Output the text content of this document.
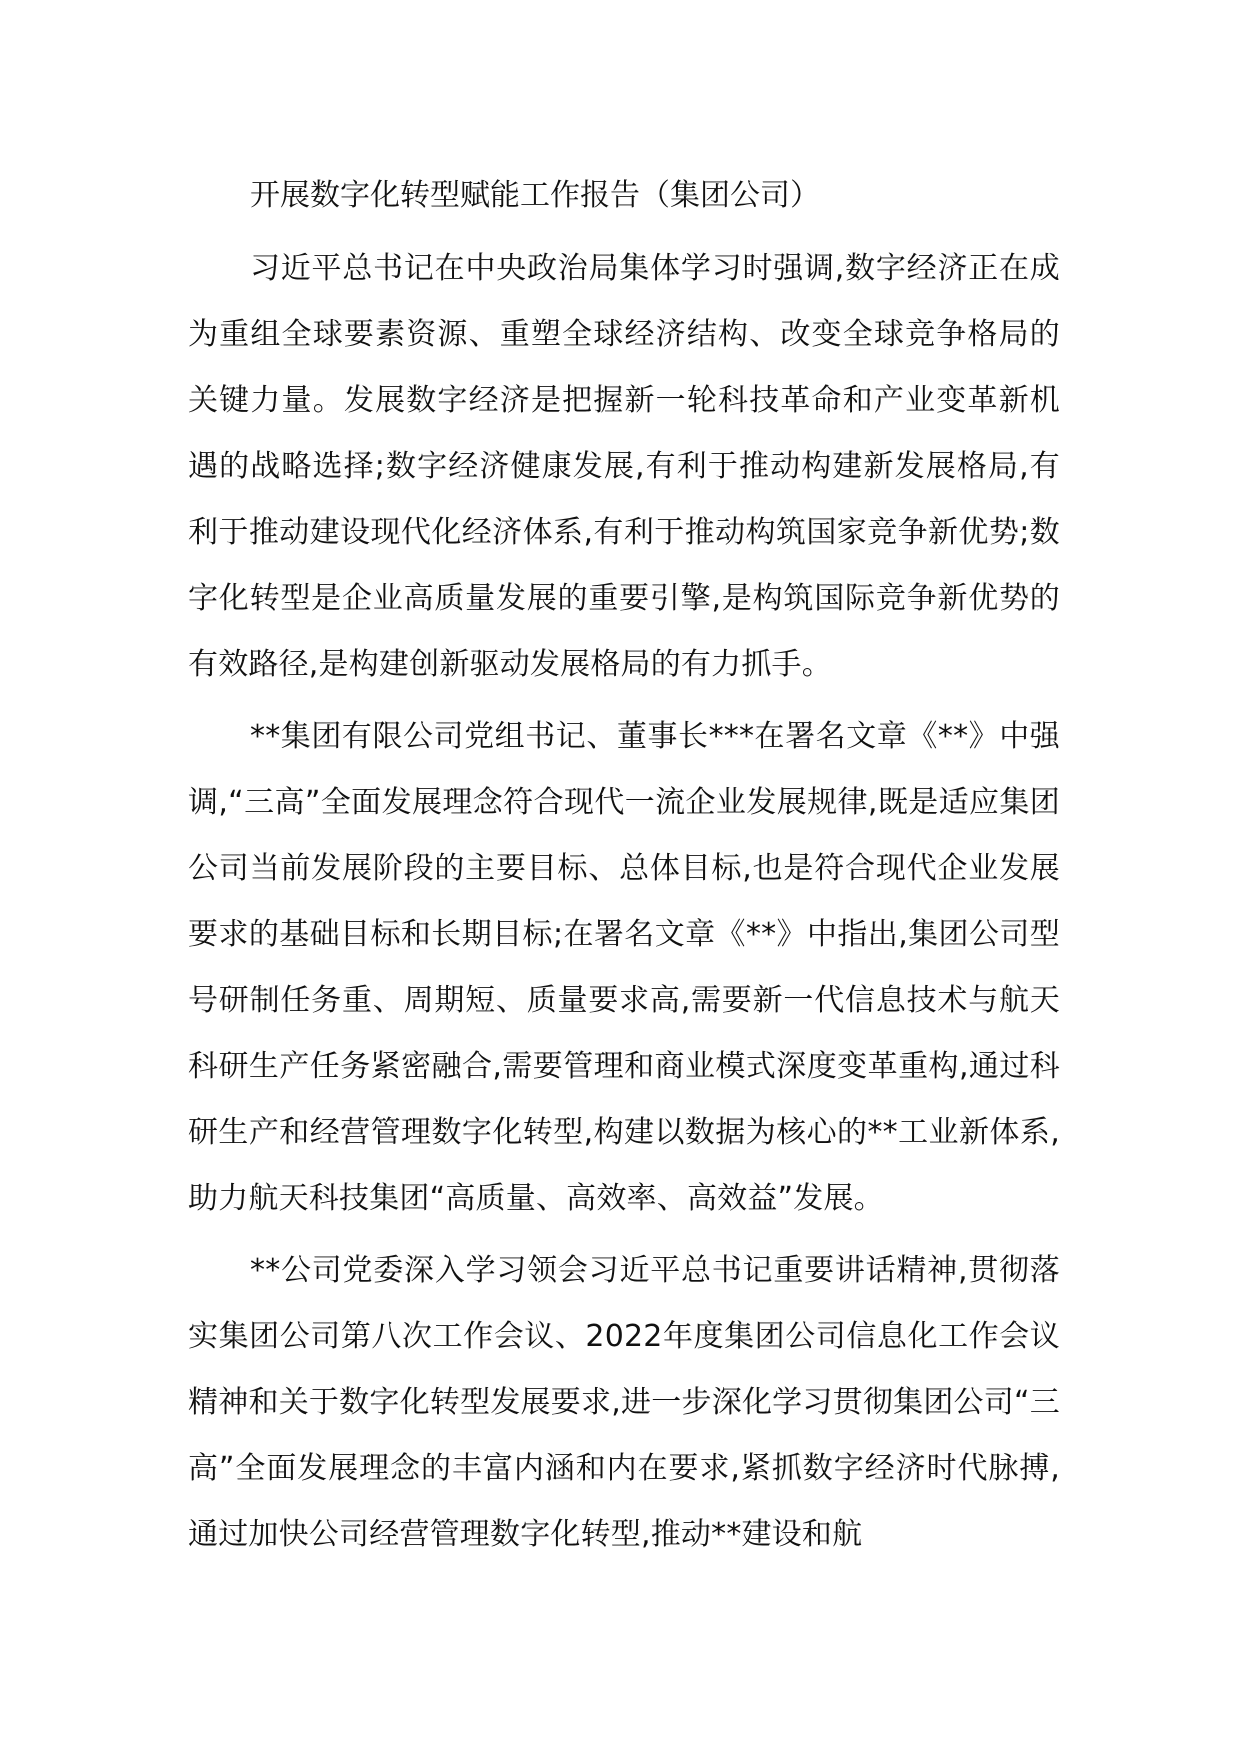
开展数字化转型赋能工作报告（集团公司）

习近平总书记在中央政治局集体学习时强调,数字经济正在成为重组全球要素资源、重塑全球经济结构、改变全球竞争格局的关键力量。发展数字经济是把握新一轮科技革命和产业变革新机遇的战略选择;数字经济健康发展,有利于推动构建新发展格局,有利于推动建设现代化经济体系,有利于推动构筑国家竞争新优势;数字化转型是企业高质量发展的重要引擎,是构筑国际竞争新优势的有效路径,是构建创新驱动发展格局的有力抓手。

**集团有限公司党组书记、董事长***在署名文章《**》中强调,“三高”全面发展理念符合现代一流企业发展规律,既是适应集团公司当前发展阶段的主要目标、总体目标,也是符合现代企业发展要求的基础目标和长期目标;在署名文章《**》中指出,集团公司型号研制任务重、周期短、质量要求高,需要新一代信息技术与航天科研生产任务紧密融合,需要管理和商业模式深度变革重构,通过科研生产和经营管理数字化转型,构建以数据为核心的**工业新体系,助力航天科技集团“高质量、高效率、高效益”发展。

**公司党委深入学习领会习近平总书记重要讲话精神,贯彻落实集团公司第八次工作会议、2022年度集团公司信息化工作会议精神和关于数字化转型发展要求,进一步深化学习贯彻集团公司“三高”全面发展理念的丰富内涵和内在要求,紧抓数字经济时代脉搏,通过加快公司经营管理数字化转型,推动**建设和航
